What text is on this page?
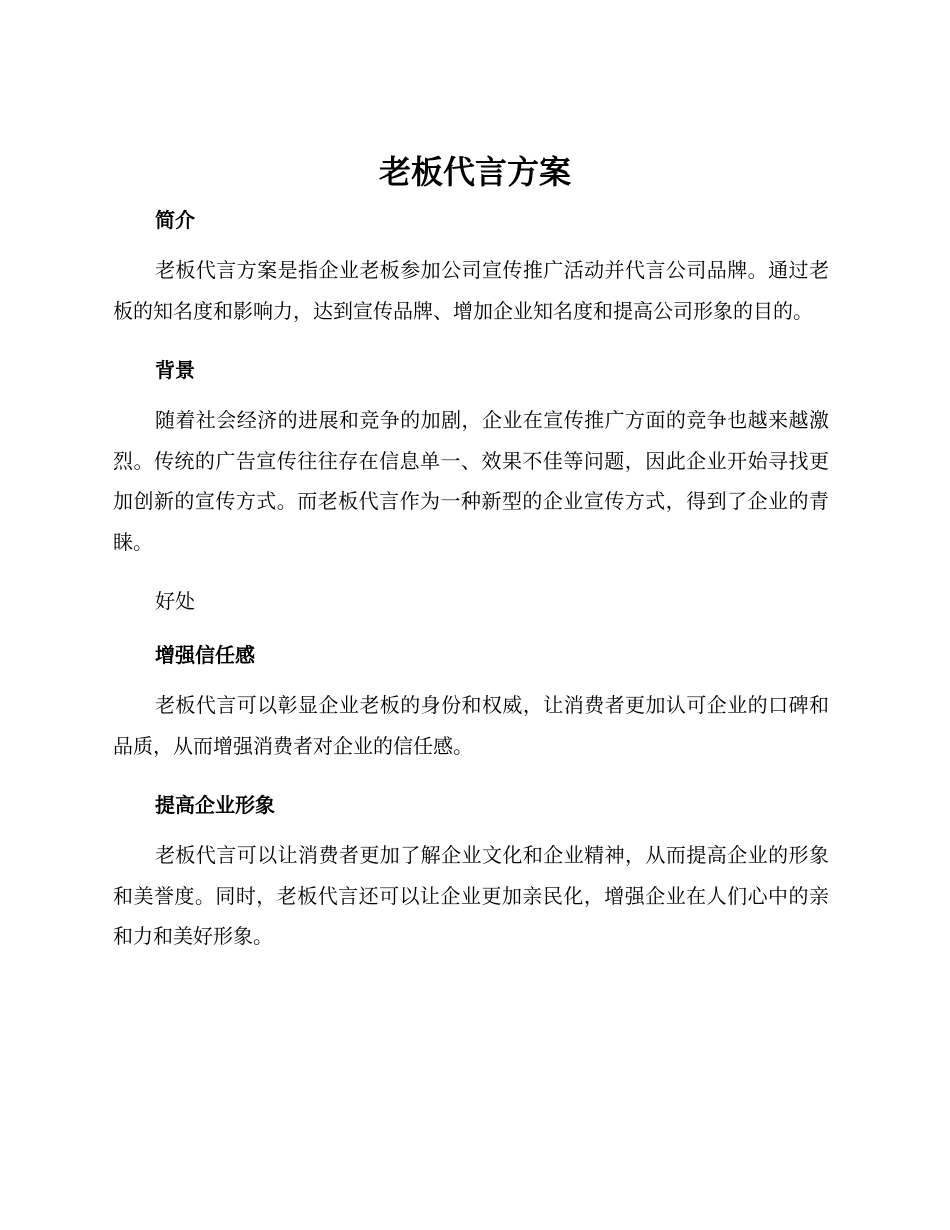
老板代言方案
简介

老板代言方案是指企业老板参加公司宣传推广活动并代言公司品牌。通过老板的知名度和影响力，达到宣传品牌、增加企业知名度和提高公司形象的目的。

背景

随着社会经济的进展和竞争的加剧，企业在宣传推广方面的竞争也越来越激烈。传统的广告宣传往往存在信息单一、效果不佳等问题，因此企业开始寻找更加创新的宣传方式。而老板代言作为一种新型的企业宣传方式，得到了企业的青睐。

好处
增强信任感

老板代言可以彰显企业老板的身份和权威，让消费者更加认可企业的口碑和品质，从而增强消费者对企业的信任感。

提高企业形象

老板代言可以让消费者更加了解企业文化和企业精神，从而提高企业的形象和美誉度。同时，老板代言还可以让企业更加亲民化，增强企业在人们心中的亲和力和美好形象。
